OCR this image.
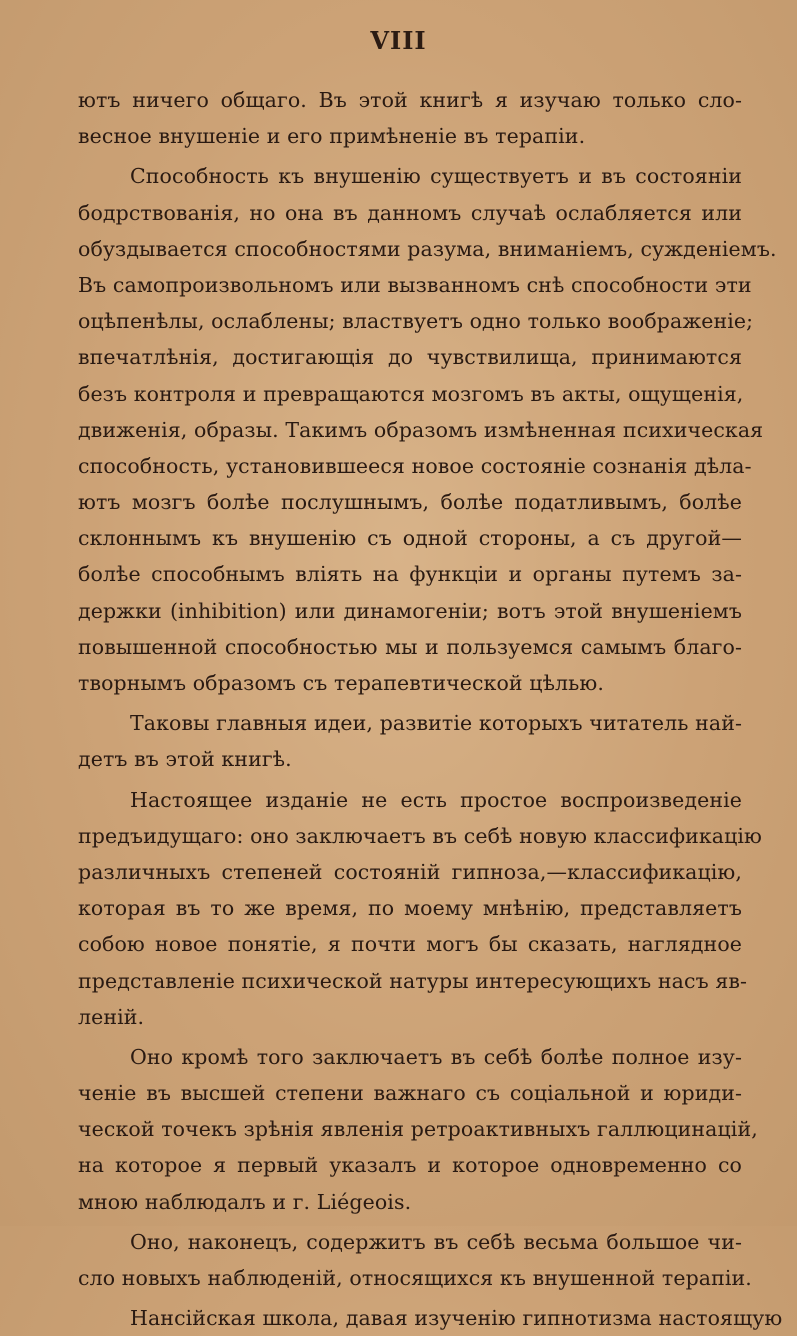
VIII
ютъ ничего общаго. Въ этой книгѣ я изучаю только сло-
весное внушеніе и его примѣненіе въ терапіи.
Способность къ внушенію существуетъ и въ состояніи
бодрствованія, но она въ данномъ случаѣ ослабляется или
обуздывается способностями разума, вниманіемъ, сужденіемъ.
Въ самопроизвольномъ или вызванномъ снѣ способности эти
оцѣпенѣлы, ослаблены; властвуетъ одно только воображеніе;
впечатлѣнія, достигающія до чувствилища, принимаются
безъ контроля и превращаются мозгомъ въ акты, ощущенія,
движенія, образы. Такимъ образомъ измѣненная психическая
способность, установившееся новое состояніе сознанія дѣла-
ютъ мозгъ болѣе послушнымъ, болѣе податливымъ, болѣе
склоннымъ къ внушенію съ одной стороны, а съ другой—
болѣе способнымъ вліять на функціи и органы путемъ за-
держки (inhibition) или динамогеніи; вотъ этой внушеніемъ
повышенной способностью мы и пользуемся самымъ благо-
творнымъ образомъ съ терапевтической цѣлью.
Таковы главныя идеи, развитіе которыхъ читатель най-
детъ въ этой книгѣ.
Настоящее изданіе не есть простое воспроизведеніе
предъидущаго: оно заключаетъ въ себѣ новую классификацію
различныхъ степеней состояній гипноза,—классификацію,
которая въ то же время, по моему мнѣнію, представляетъ
собою новое понятіе, я почти могъ бы сказать, наглядное
представленіе психической натуры интересующихъ насъ яв-
леній.
Оно кромѣ того заключаетъ въ себѣ болѣе полное изу-
ченіе въ высшей степени важнаго съ соціальной и юриди-
ческой точекъ зрѣнія явленія ретроактивныхъ галлюцинацій,
на которое я первый указалъ и которое одновременно со
мною наблюдалъ и г. Liégeois.
Оно, наконецъ, содержитъ въ себѣ весьма большое чи-
сло новыхъ наблюденій, относящихся къ внушенной терапіи.
Нансійская школа, давая изученію гипнотизма настоящую
